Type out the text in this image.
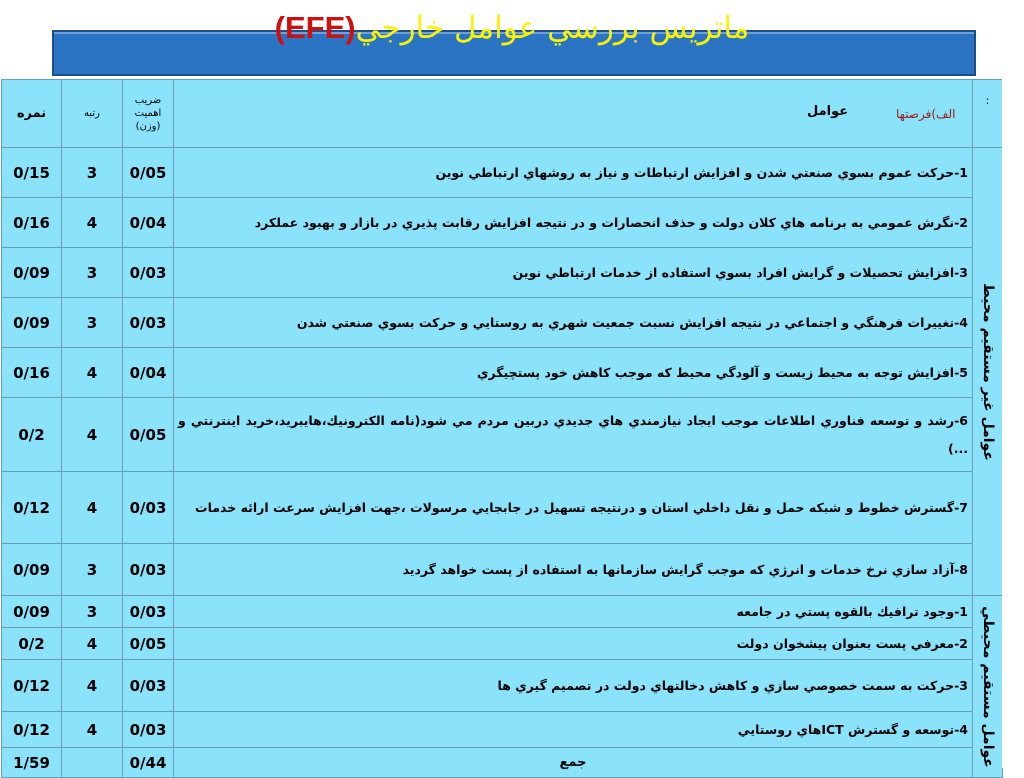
ماتريس بررسي عوامل خارجي(EFE)
نمره	رتبه	ضريب اهميت (وزن)	عوامل الف)فرصتها	:
0/15	3	0/05	1-حركت عموم بسوي صنعتي شدن و افزايش ارتباطات و نياز به روشهاي ارتباطي نوين	عوامل غير مستقيم محيط

0/16	4	0/04	2-نگرش عمومي به برنامه هاي كلان دولت و حذف انحصارات و در نتيجه افزايش رقابت پذيري در بازار و بهبود عملكرد	
0/09	3	0/03	3-افزايش تحصيلات و گرايش افراد بسوي استفاده از خدمات ارتباطي نوين	
0/09	3	0/03	4-تغييرات فرهنگي و اجتماعي در نتيجه افزايش نسبت جمعيت شهري به روستايي و حركت بسوي صنعتي شدن	
0/16	4	0/04	5-افزايش توجه به محيط زيست و آلودگي محيط كه موجب كاهش خود پستچيگري	
0/2	4	0/05	6-رشد و توسعه فناوري اطلاعات موجب ايجاد نيازمندي هاي جديدي دربين مردم مي شود(نامه الكترونيك،هايبريد،خريد اينترنتي و ...)	
0/12	4	0/03	7-گسترش خطوط و شبكه حمل و نقل داخلي استان و درنتيجه تسهيل در جابجايي مرسولات ،جهت افزايش سرعت ارائه خدمات	
0/09	3	0/03	8-آزاد سازي نرخ خدمات و انرژي كه موجب گرايش سازمانها به استفاده از پست خواهد گرديد	
0/09	3	0/03	1-وجود ترافيك بالقوه پستي در جامعه	عوامل مستقيم محيطي

0/2	4	0/05	2-معرفي پست بعنوان پيشخوان دولت	
0/12	4	0/03	3-حركت به سمت خصوصي سازي و كاهش دخالتهاي دولت در تصميم گيري ها	
0/12	4	0/03	4-توسعه و گسترش ICTهاي روستايي	
1/59		0/44	جمع	
